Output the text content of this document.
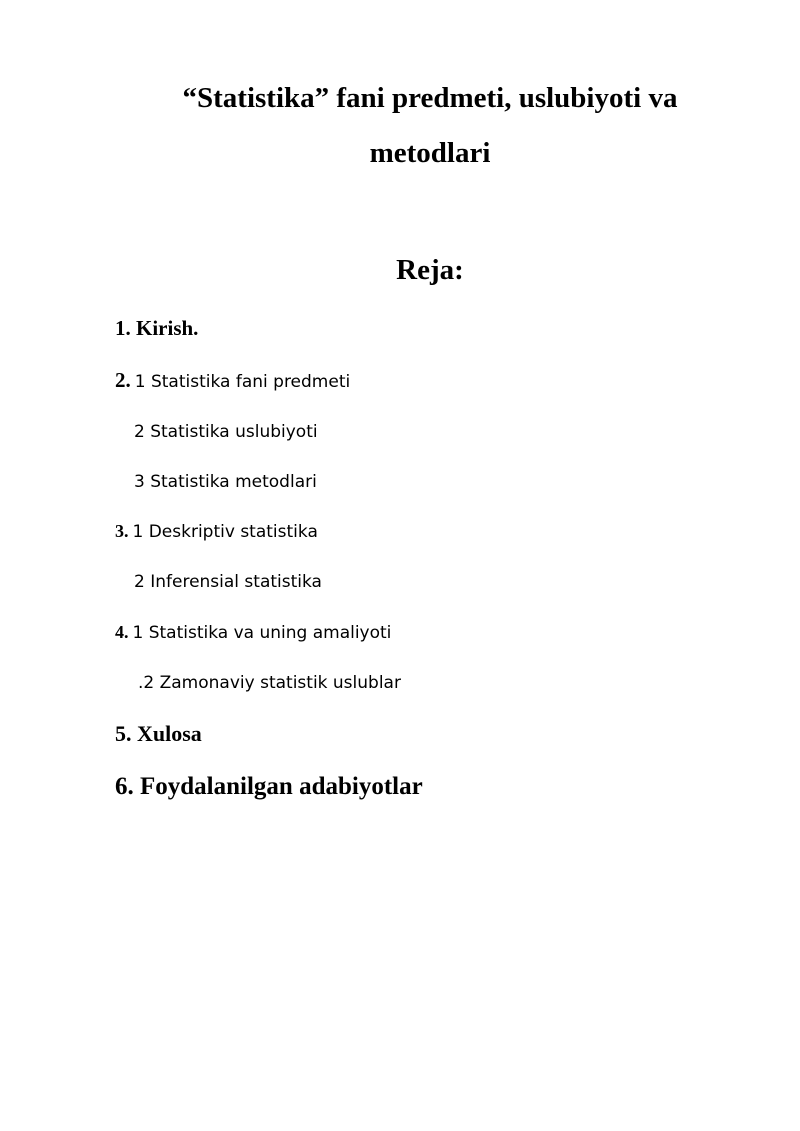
“Statistika” fani predmeti, uslubiyoti va
metodlari
Reja:

1. Kirish.

2. 1 Statistika fani predmeti

2 Statistika uslubiyoti

3 Statistika metodlari

3. 1 Deskriptiv statistika

2 Inferensial statistika

4. 1 Statistika va uning amaliyoti

.2 Zamonaviy statistik uslublar

5. Xulosa

6. Foydalanilgan adabiyotlar
